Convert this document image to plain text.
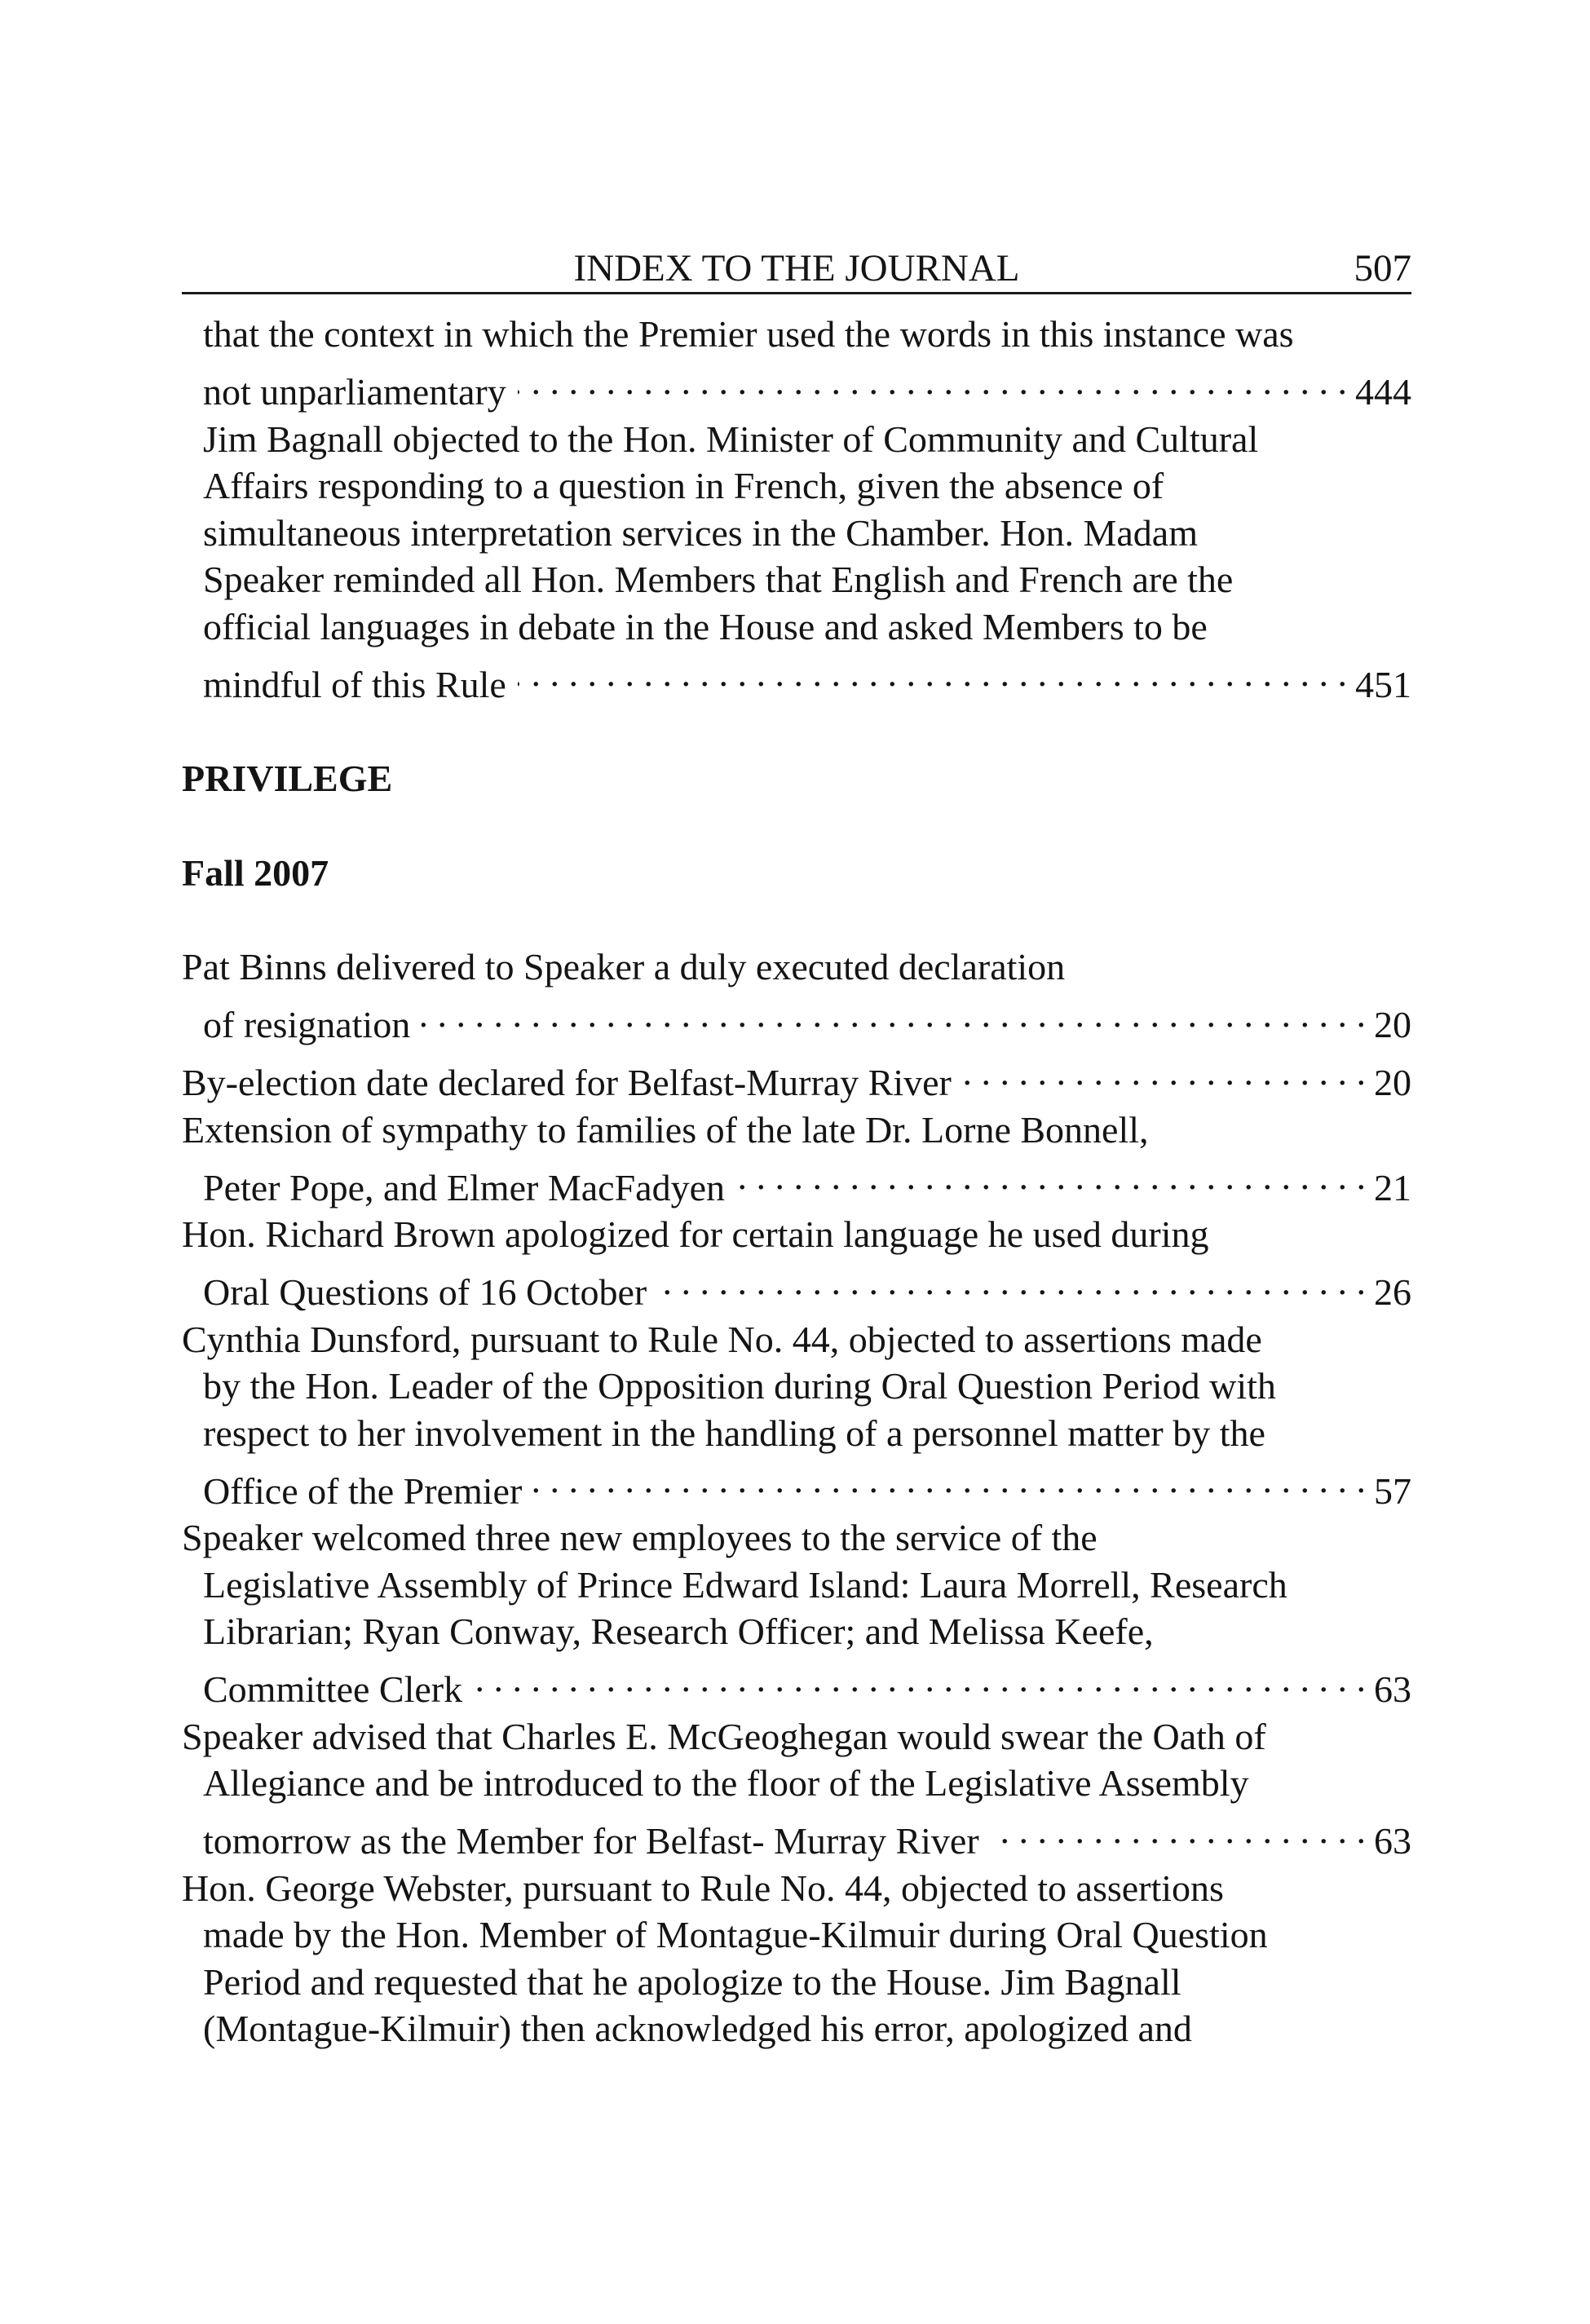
INDEX TO THE JOURNAL	507
that the context in which the Premier used the words in this instance was
not unparliamentary . . .	444
Jim Bagnall objected to the Hon. Minister of Community and Cultural
Affairs responding to a question in French, given the absence of
simultaneous interpretation services in the Chamber. Hon. Madam
Speaker reminded all Hon. Members that English and French are the
official languages in debate in the House and asked Members to be
mindful of this Rule . . .	451
PRIVILEGE
Fall 2007
Pat Binns delivered to Speaker a duly executed declaration
of resignation . . .	20
By-election date declared for Belfast-Murray River . . .	20
Extension of sympathy to families of the late Dr. Lorne Bonnell,
Peter Pope, and Elmer MacFadyen . . .	21
Hon. Richard Brown apologized for certain language he used during
Oral Questions of 16 October . . .	26
Cynthia Dunsford, pursuant to Rule No. 44, objected to assertions made
by the Hon. Leader of the Opposition during Oral Question Period with
respect to her involvement in the handling of a personnel matter by the
Office of the Premier . . .	57
Speaker welcomed three new employees to the service of the
Legislative Assembly of Prince Edward Island: Laura Morrell, Research
Librarian; Ryan Conway, Research Officer; and Melissa Keefe,
Committee Clerk . . .	63
Speaker advised that Charles E. McGeoghegan would swear the Oath of
Allegiance and be introduced to the floor of the Legislative Assembly
tomorrow as the Member for Belfast- Murray River . . .	63
Hon. George Webster, pursuant to Rule No. 44, objected to assertions
made by the Hon. Member of Montague-Kilmuir during Oral Question
Period and requested that he apologize to the House. Jim Bagnall
(Montague-Kilmuir) then acknowledged his error, apologized and
